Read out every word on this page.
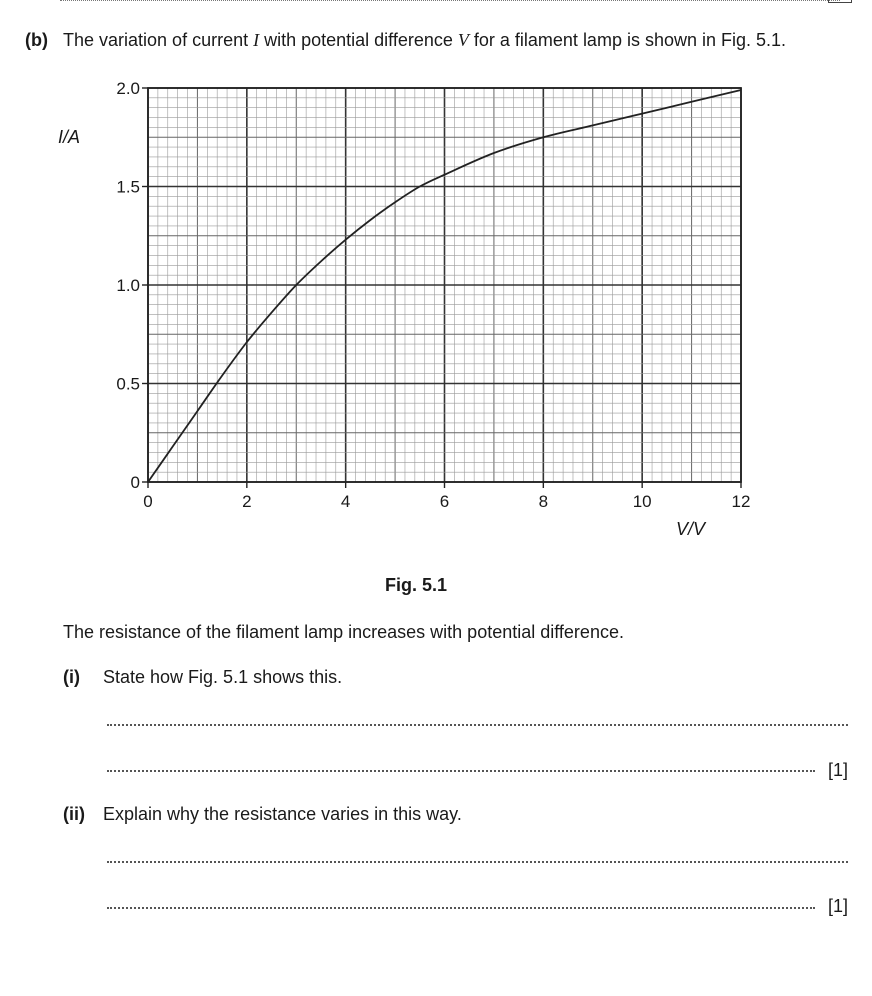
(b) The variation of current I with potential difference V for a filament lamp is shown in Fig. 5.1.
0	2	4	6	8	10	12
0
0.5
1.0
1.5
2.0
I/A
V/V
Fig. 5.1
The resistance of the filament lamp increases with potential difference.
(i) State how Fig. 5.1 shows this.
[1]
(ii) Explain why the resistance varies in this way.
[1]
